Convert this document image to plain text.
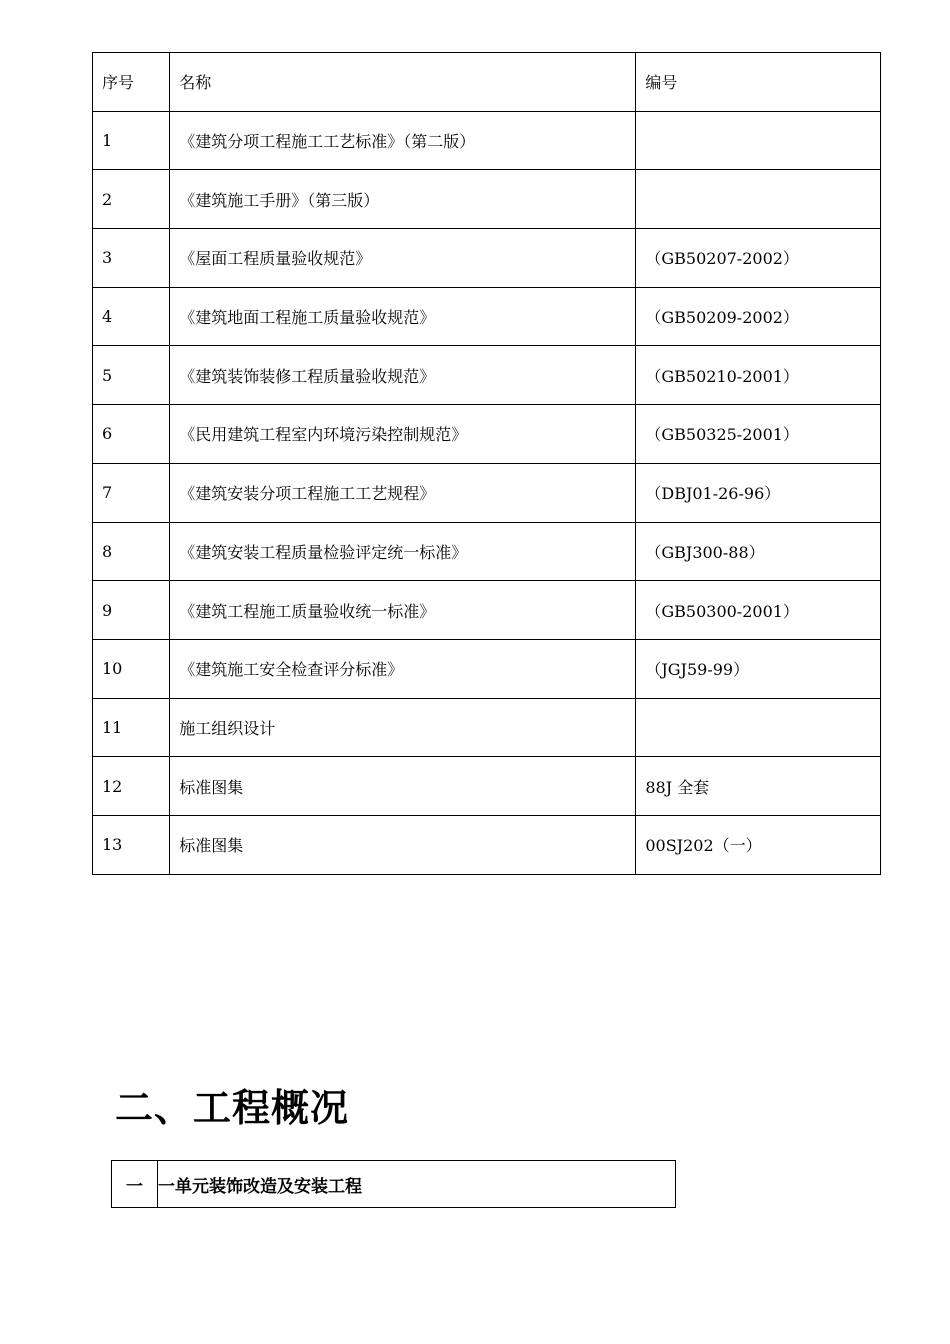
序号	名称	编号
1	《建筑分项工程施工工艺标准》（第二版）	
2	《建筑施工手册》（第三版）	
3	《屋面工程质量验收规范》	（GB50207-2002）
4	《建筑地面工程施工质量验收规范》	（GB50209-2002）
5	《建筑装饰装修工程质量验收规范》	（GB50210-2001）
6	《民用建筑工程室内环境污染控制规范》	（GB50325-2001）
7	《建筑安装分项工程施工工艺规程》	（DBJ01-26-96）
8	《建筑安装工程质量检验评定统一标准》	（GBJ300-88）
9	《建筑工程施工质量验收统一标准》	（GB50300-2001）
10	《建筑施工安全检查评分标准》	（JGJ59-99）
11	施工组织设计	
12	标准图集	88J 全套
13	标准图集	00SJ202（一）
二、工程概况
一	一单元装饰改造及安装工程
